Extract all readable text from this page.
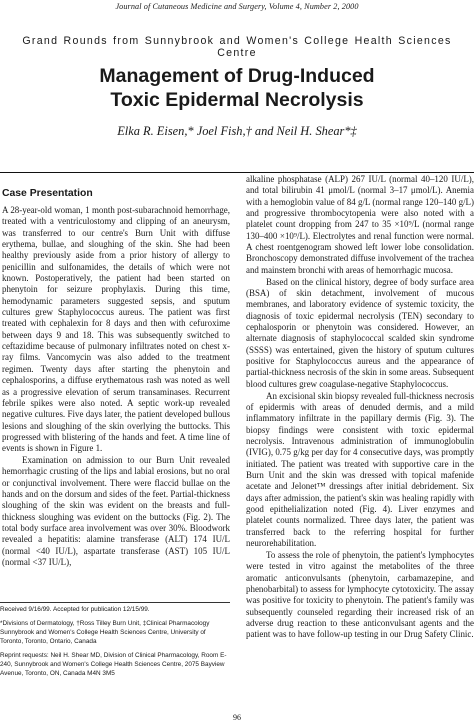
Journal of Cutaneous Medicine and Surgery, Volume 4, Number 2, 2000
Grand Rounds from Sunnybrook and Women's College Health Sciences Centre
Management of Drug-Induced
Toxic Epidermal Necrolysis
Elka R. Eisen,* Joel Fish,† and Neil H. Shear*‡
Case Presentation

A 28-year-old woman, 1 month post-subarachnoid hemorrhage, treated with a ventriculostomy and clipping of an aneurysm, was transferred to our centre's Burn Unit with diffuse erythema, bullae, and sloughing of the skin. She had been healthy previously aside from a prior history of allergy to penicillin and sulfonamides, the details of which were not known. Postoperatively, the patient had been started on phenytoin for seizure prophylaxis. During this time, hemodynamic parameters suggested sepsis, and sputum cultures grew Staphylococcus aureus. The patient was first treated with cephalexin for 8 days and then with cefuroxime between days 9 and 18. This was subsequently switched to ceftazidime because of pulmonary infiltrates noted on chest x-ray films. Vancomycin was also added to the treatment regimen. Twenty days after starting the phenytoin and cephalosporins, a diffuse erythematous rash was noted as well as a progressive elevation of serum transaminases. Recurrent febrile spikes were also noted. A septic work-up revealed negative cultures. Five days later, the patient developed bullous lesions and sloughing of the skin overlying the buttocks. This progressed with blistering of the hands and feet. A time line of events is shown in Figure 1.

Examination on admission to our Burn Unit revealed hemorrhagic crusting of the lips and labial erosions, but no oral or conjunctival involvement. There were flaccid bullae on the hands and on the dorsum and sides of the feet. Partial-thickness sloughing of the skin was evident on the breasts and full-thickness sloughing was evident on the buttocks (Fig. 2). The total body surface area involvement was over 30%. Bloodwork revealed a hepatitis: alamine transferase (ALT) 174 IU/L (normal <40 IU/L), aspartate transferase (AST) 105 IU/L (normal <37 IU/L),

Received 9/16/99. Accepted for publication 12/15/99.

*Divisions of Dermatology, †Ross Tilley Burn Unit, ‡Clinical Pharmacology Sunnybrook and Women's College Health Sciences Centre, University of Toronto, Toronto, Ontario, Canada

Reprint requests: Neil H. Shear MD, Division of Clinical Pharmacology, Room E-240, Sunnybrook and Women's College Health Sciences Centre, 2075 Bayview Avenue, Toronto, ON, Canada M4N 3M5

alkaline phosphatase (ALP) 267 IU/L (normal 40–120 IU/L), and total bilirubin 41 μmol/L (normal 3–17 μmol/L). Anemia with a hemoglobin value of 84 g/L (normal range 120–140 g/L) and progressive thrombocytopenia were also noted with a platelet count dropping from 247 to 35 ×10⁹/L (normal range 130–400 ×10⁹/L). Electrolytes and renal function were normal. A chest roentgenogram showed left lower lobe consolidation. Bronchoscopy demonstrated diffuse involvement of the trachea and mainstem bronchi with areas of hemorrhagic mucosa.

Based on the clinical history, degree of body surface area (BSA) of skin detachment, involvement of mucous membranes, and laboratory evidence of systemic toxicity, the diagnosis of toxic epidermal necrolysis (TEN) secondary to cephalosporin or phenytoin was considered. However, an alternate diagnosis of staphylococcal scalded skin syndrome (SSSS) was entertained, given the history of sputum cultures positive for Staphylococcus aureus and the appearance of partial-thickness necrosis of the skin in some areas. Subsequent blood cultures grew coagulase-negative Staphylococcus.

An excisional skin biopsy revealed full-thickness necrosis of epidermis with areas of denuded dermis, and a mild inflammatory infiltrate in the papillary dermis (Fig. 3). The biopsy findings were consistent with toxic epidermal necrolysis. Intravenous administration of immunoglobulin (IVIG), 0.75 g/kg per day for 4 consecutive days, was promptly initiated. The patient was treated with supportive care in the Burn Unit and the skin was dressed with topical mafenide acetate and Jelonet™ dressings after initial debridement. Six days after admission, the patient's skin was healing rapidly with good epithelialization noted (Fig. 4). Liver enzymes and platelet counts normalized. Three days later, the patient was transferred back to the referring hospital for further neurorehabilitation.

To assess the role of phenytoin, the patient's lymphocytes were tested in vitro against the metabolites of the three aromatic anticonvulsants (phenytoin, carbamazepine, and phenobarbital) to assess for lymphocyte cytotoxicity. The assay was positive for toxicity to phenytoin. The patient's family was subsequently counseled regarding their increased risk of an adverse drug reaction to these anticonvulsant agents and the patient was to have follow-up testing in our Drug Safety Clinic.

96
